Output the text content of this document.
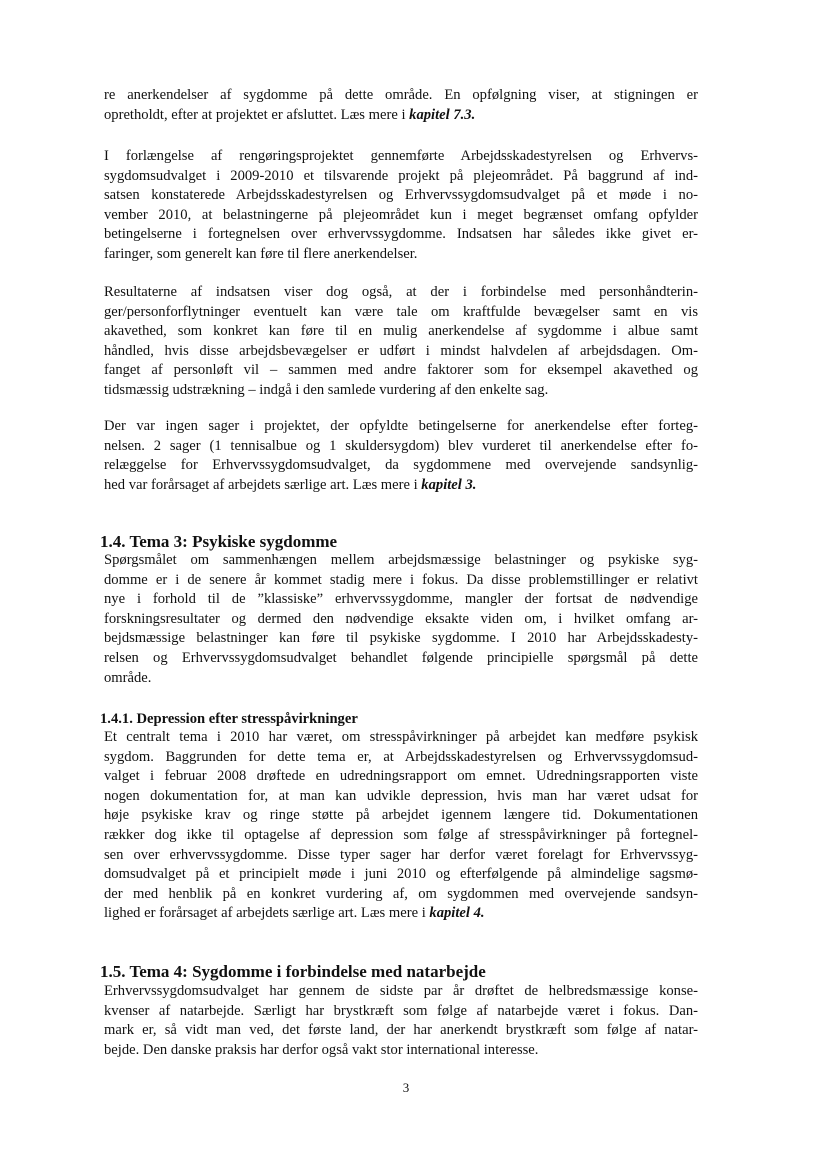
re anerkendelser af sygdomme på dette område. En opfølgning viser, at stigningen er
opretholdt, efter at projektet er afsluttet. Læs mere i kapitel 7.3.
I forlængelse af rengøringsprojektet gennemførte Arbejdsskadestyrelsen og Erhvervs-
sygdomsudvalget i 2009-2010 et tilsvarende projekt på plejeområdet. På baggrund af ind-
satsen konstaterede Arbejdsskadestyrelsen og Erhvervssygdomsudvalget på et møde i no-
vember 2010, at belastningerne på plejeområdet kun i meget begrænset omfang opfylder
betingelserne i fortegnelsen over erhvervssygdomme. Indsatsen har således ikke givet er-
faringer, som generelt kan føre til flere anerkendelser.
Resultaterne af indsatsen viser dog også, at der i forbindelse med personhåndterin-
ger/personforflytninger eventuelt kan være tale om kraftfulde bevægelser samt en vis
akavethed, som konkret kan føre til en mulig anerkendelse af sygdomme i albue samt
håndled, hvis disse arbejdsbevægelser er udført i mindst halvdelen af arbejdsdagen. Om-
fanget af personløft vil – sammen med andre faktorer som for eksempel akavethed og
tidsmæssig udstrækning – indgå i den samlede vurdering af den enkelte sag.
Der var ingen sager i projektet, der opfyldte betingelserne for anerkendelse efter forteg-
nelsen. 2 sager (1 tennisalbue og 1 skuldersygdom) blev vurderet til anerkendelse efter fo-
relæggelse for Erhvervssygdomsudvalget, da sygdommene med overvejende sandsynlig-
hed var forårsaget af arbejdets særlige art. Læs mere i kapitel 3.
1.4. Tema 3: Psykiske sygdomme
Spørgsmålet om sammenhængen mellem arbejdsmæssige belastninger og psykiske syg-
domme er i de senere år kommet stadig mere i fokus. Da disse problemstillinger er relativt
nye i forhold til de ”klassiske” erhvervssygdomme, mangler der fortsat de nødvendige
forskningsresultater og dermed den nødvendige eksakte viden om, i hvilket omfang ar-
bejdsmæssige belastninger kan føre til psykiske sygdomme. I 2010 har Arbejdsskadesty-
relsen og Erhvervssygdomsudvalget behandlet følgende principielle spørgsmål på dette
område.
1.4.1. Depression efter stresspåvirkninger
Et centralt tema i 2010 har været, om stresspåvirkninger på arbejdet kan medføre psykisk
sygdom. Baggrunden for dette tema er, at Arbejdsskadestyrelsen og Erhvervssygdomsud-
valget i februar 2008 drøftede en udredningsrapport om emnet. Udredningsrapporten viste
nogen dokumentation for, at man kan udvikle depression, hvis man har været udsat for
høje psykiske krav og ringe støtte på arbejdet igennem længere tid. Dokumentationen
rækker dog ikke til optagelse af depression som følge af stresspåvirkninger på fortegnel-
sen over erhvervssygdomme. Disse typer sager har derfor været forelagt for Erhvervssyg-
domsudvalget på et principielt møde i juni 2010 og efterfølgende på almindelige sagsmø-
der med henblik på en konkret vurdering af, om sygdommen med overvejende sandsyn-
lighed er forårsaget af arbejdets særlige art. Læs mere i kapitel 4.
1.5. Tema 4: Sygdomme i forbindelse med natarbejde
Erhvervssygdomsudvalget har gennem de sidste par år drøftet de helbredsmæssige konse-
kvenser af natarbejde. Særligt har brystkræft som følge af natarbejde været i fokus. Dan-
mark er, så vidt man ved, det første land, der har anerkendt brystkræft som følge af natar-
bejde. Den danske praksis har derfor også vakt stor international interesse.
3
